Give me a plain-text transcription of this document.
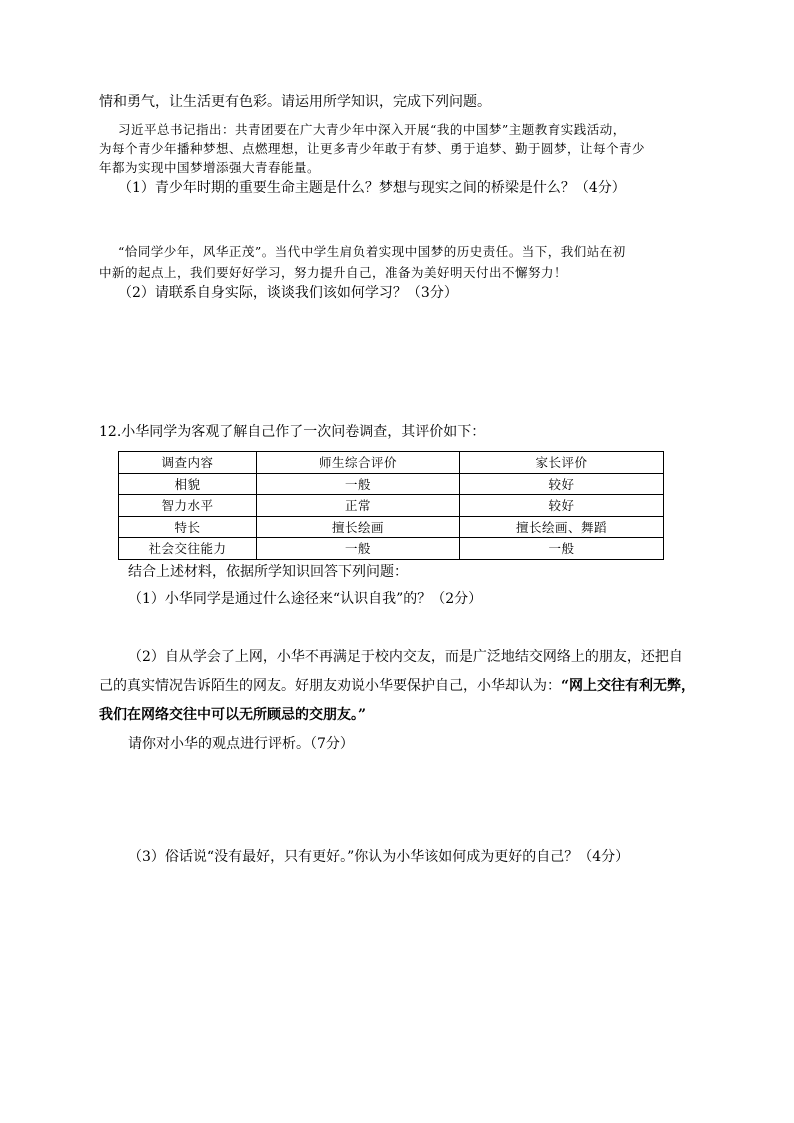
情和勇气，让生活更有色彩。请运用所学知识，完成下列问题。
习近平总书记指出：共青团要在广大青少年中深入开展“我的中国梦”主题教育实践活动，
为每个青少年播种梦想、点燃理想，让更多青少年敢于有梦、勇于追梦、勤于圆梦，让每个青少
年都为实现中国梦增添强大青春能量。
（1）青少年时期的重要生命主题是什么？梦想与现实之间的桥梁是什么？（4分）
“恰同学少年，风华正茂”。当代中学生肩负着实现中国梦的历史责任。当下，我们站在初
中新的起点上，我们要好好学习，努力提升自己，准备为美好明天付出不懈努力！
（2）请联系自身实际，谈谈我们该如何学习？（3分）
12.小华同学为客观了解自己作了一次问卷调查，其评价如下：
调查内容	师生综合评价	家长评价
相貌	一般	较好
智力水平	正常	较好
特长	擅长绘画	擅长绘画、舞蹈
社会交往能力	一般	一般
结合上述材料，依据所学知识回答下列问题：
（1）小华同学是通过什么途径来“认识自我”的？（2分）
（2）自从学会了上网，小华不再满足于校内交友，而是广泛地结交网络上的朋友，还把自
己的真实情况告诉陌生的网友。好朋友劝说小华要保护自己，小华却认为：“网上交往有利无弊，
我们在网络交往中可以无所顾忌的交朋友。”
请你对小华的观点进行评析。（7分）
（3）俗话说“没有最好，只有更好。”你认为小华该如何成为更好的自己？（4分）
